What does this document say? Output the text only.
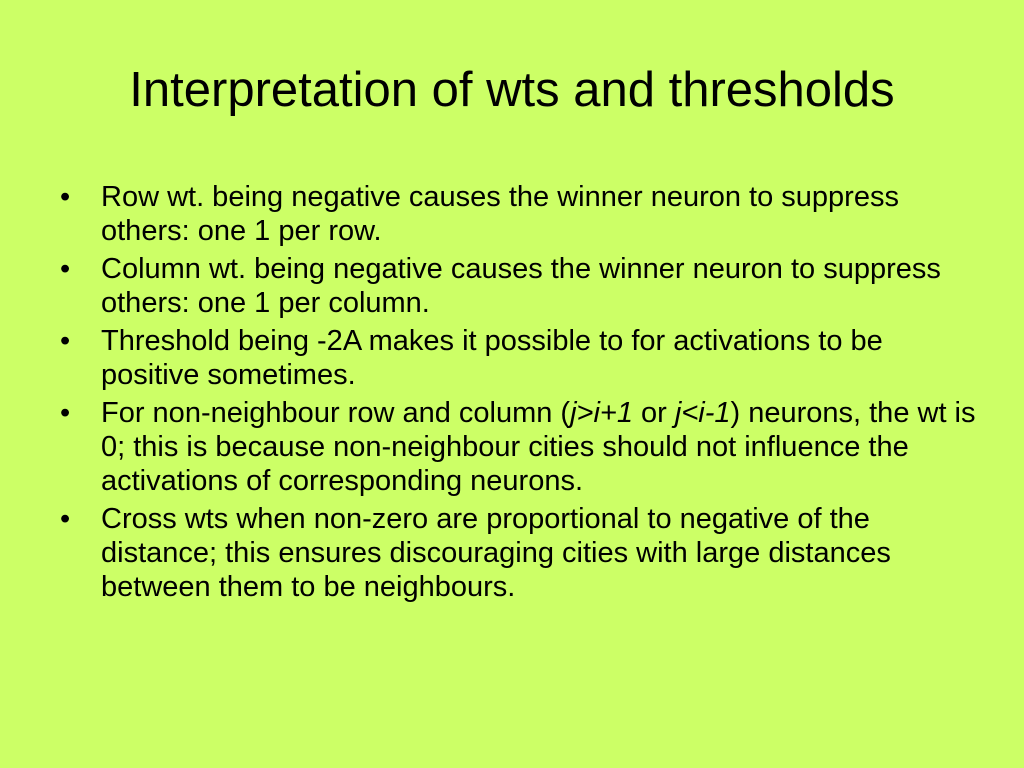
Interpretation of wts and thresholds
• Row wt. being negative causes the winner neuron to suppress others: one 1 per row.
• Column wt. being negative causes the winner neuron to suppress others: one 1 per column.
• Threshold being -2A makes it possible to for activations to be positive sometimes.
• For non-neighbour row and column (j>i+1 or j<i-1) neurons, the wt is 0; this is because non-neighbour cities should not influence the activations of corresponding neurons.
• Cross wts when non-zero are proportional to negative of the distance; this ensures discouraging cities with large distances between them to be neighbours.
